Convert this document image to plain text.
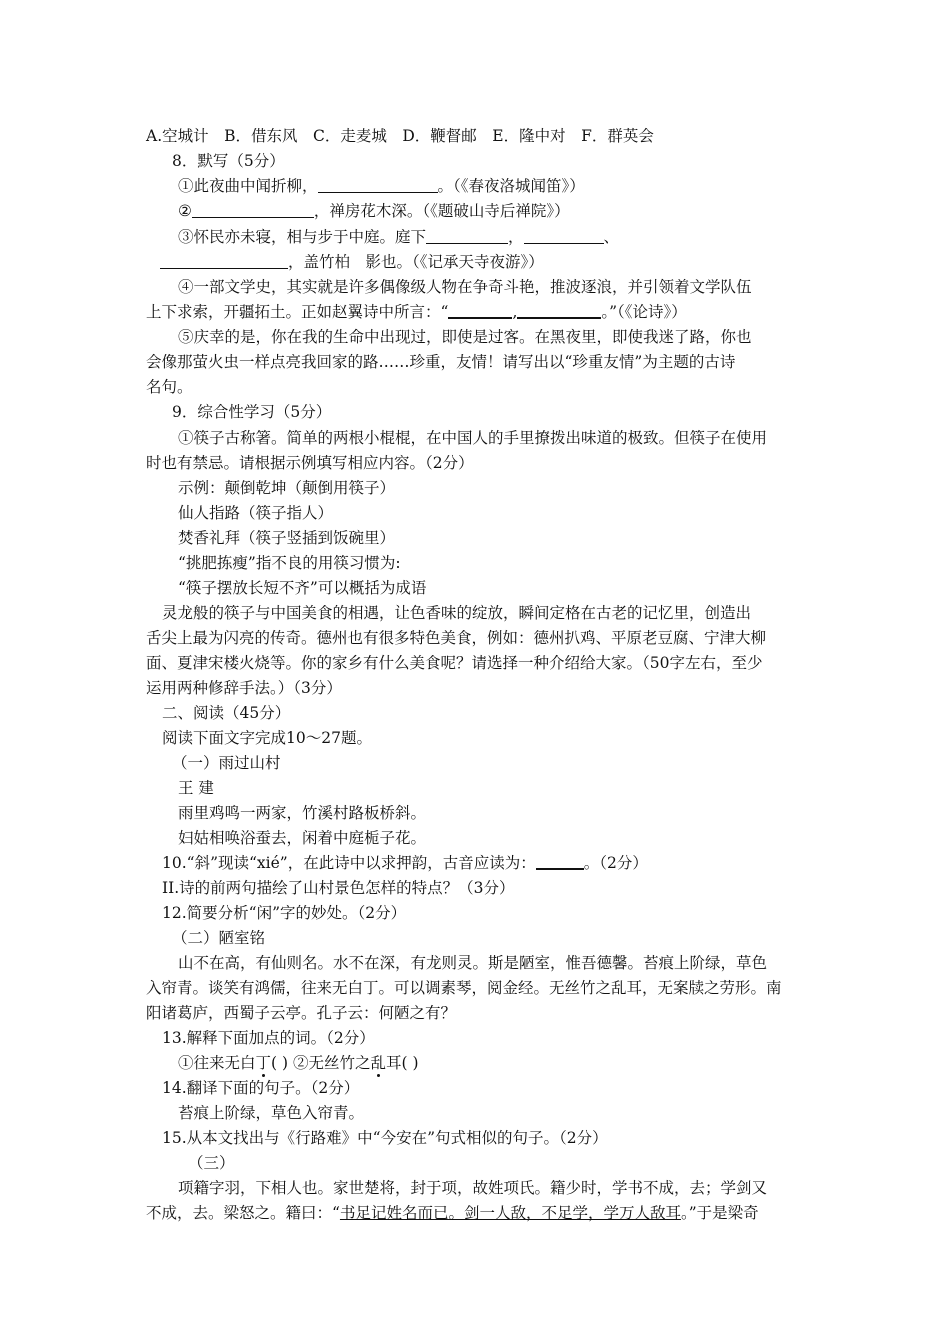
A.空城计　B．借东风　C．走麦城　D．鞭督邮　E．隆中对　F．群英会
8．默写（5分）
①此夜曲中闻折柳，	。（《春夜洛城闻笛》）
②	，禅房花木深。（《题破山寺后禅院》）
③怀民亦未寝，相与步于中庭。庭下	，	、
，盖竹柏　影也。（《记承天寺夜游》）
④一部文学史，其实就是许多偶像级人物在争奇斗艳，推波逐浪，并引领着文学队伍
上下求索，开疆拓土。正如赵翼诗中所言：“	,	。”（《论诗》）
⑤庆幸的是，你在我的生命中出现过，即使是过客。在黑夜里，即使我迷了路，你也
会像那萤火虫一样点亮我回家的路……珍重，友情！请写出以“珍重友情”为主题的古诗
名句。
9．综合性学习（5分）
①筷子古称箸。简单的两根小棍棍，在中国人的手里撩拨出味道的极致。但筷子在使用
时也有禁忌。请根据示例填写相应内容。（2分）
示例：颠倒乾坤（颠倒用筷子）
仙人指路（筷子指人）
焚香礼拜（筷子竖插到饭碗里）
“挑肥拣瘦”指不良的用筷习惯为:
“筷子摆放长短不齐”可以概括为成语
灵龙般的筷子与中国美食的相遇，让色香味的绽放，瞬间定格在古老的记忆里，创造出
舌尖上最为闪亮的传奇。德州也有很多特色美食，例如：德州扒鸡、平原老豆腐、宁津大柳
面、夏津宋楼火烧等。你的家乡有什么美食呢？请选择一种介绍给大家。（50字左右，至少
运用两种修辞手法。）（3分）
二、阅读（45分）
阅读下面文字完成10～27题。
（一）雨过山村
王 建
雨里鸡鸣一两家，竹溪村路板桥斜。
妇姑相唤浴蚕去，闲着中庭栀子花。
10.“斜”现读“xié”，在此诗中以求押韵，古音应读为：	。（2分）
II.诗的前两句描绘了山村景色怎样的特点？（3分）
12.简要分析“闲”字的妙处。（2分）
（二）陋室铭
山不在高，有仙则名。水不在深，有龙则灵。斯是陋室，惟吾德馨。苔痕上阶绿，草色
入帘青。谈笑有鸿儒，往来无白丁。可以调素琴，阅金经。无丝竹之乱耳，无案牍之劳形。南
阳诸葛庐，西蜀子云亭。孔子云：何陋之有？
13.解释下面加点的词。（2分）
①往来无白丁( ) ②无丝竹之乱耳( )
14.翻译下面的句子。（2分）
苔痕上阶绿，草色入帘青。
15.从本文找出与《行路难》中“今安在”句式相似的句子。（2分）
（三）
项籍字羽，下相人也。家世楚将，封于项，故姓项氏。籍少时，学书不成，去；学剑又
不成，去。梁怒之。籍曰：“书足记姓名而已。剑一人敌，不足学，学万人敌耳。”于是梁奇
